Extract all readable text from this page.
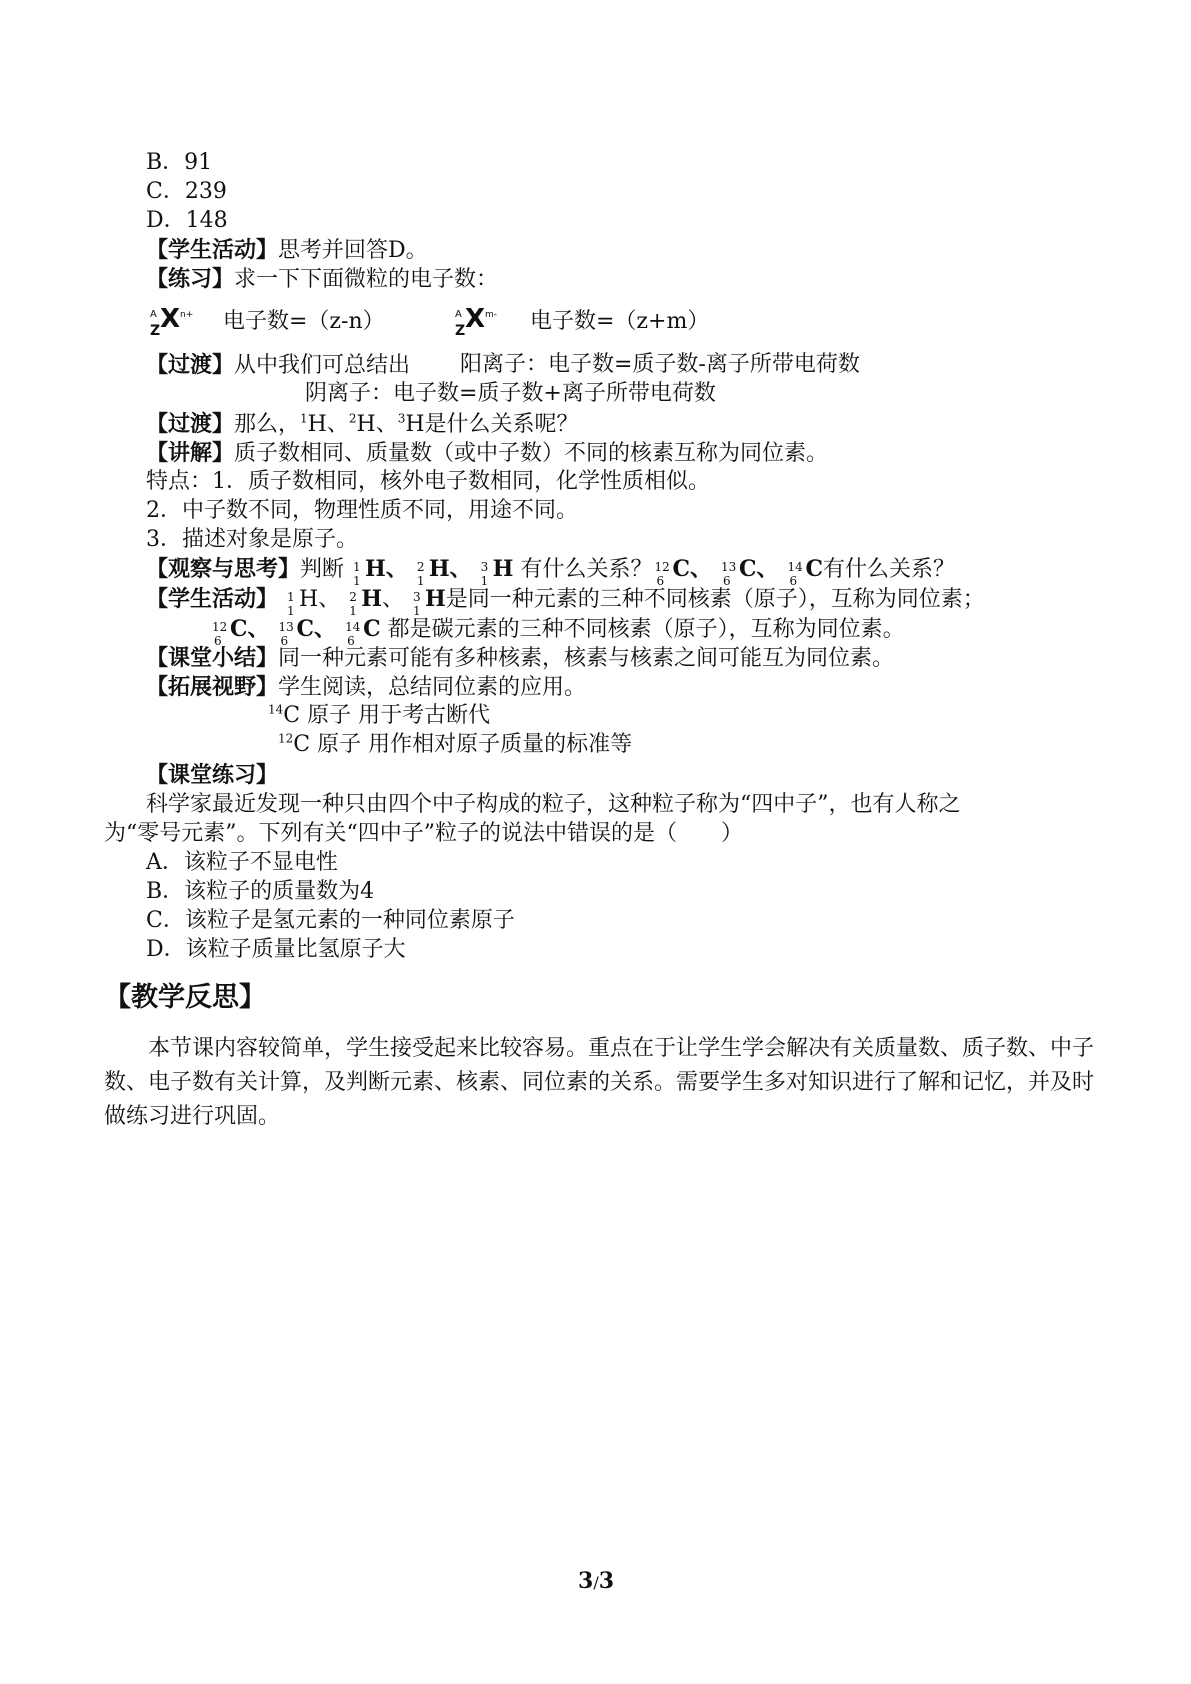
B．91
C．239
D．148
【学生活动】思考并回答D。
【练习】求一下下面微粒的电子数：
A
Z X n+ 电子数=（z-n）	A
Z X m- 电子数=（z+m）
【过渡】从中我们可总结出 阳离子：电子数=质子数-离子所带电荷数
阴离子：电子数=质子数+离子所带电荷数
【过渡】那么，$^1$H、$^2$H、$^3$H是什么关系呢？
【讲解】质子数相同、质量数（或中子数）不同的核素互称为同位素。
特点：1．质子数相同，核外电子数相同，化学性质相似。
2．中子数不同，物理性质不同，用途不同。
3．描述对象是原子。
【观察与思考】判断 1
1 H、 2
1 H、 3
1 H 有什么关系？ 12
6 C、 13
6 C、 14
6 C有什么关系？
【学生活动】 1
1 H、 2
1 H、 3
1 H是同一种元素的三种不同核素（原子），互称为同位素；
12
6 C、 13
6 C、 14
6 C 都是碳元素的三种不同核素（原子），互称为同位素。
【课堂小结】同一种元素可能有多种核素，核素与核素之间可能互为同位素。
【拓展视野】学生阅读，总结同位素的应用。
$^{14}$C 原子 用于考古断代
$^{12}$C 原子 用作相对原子质量的标准等
【课堂练习】
科学家最近发现一种只由四个中子构成的粒子，这种粒子称为“四中子”，也有人称之
为“零号元素”。下列有关“四中子”粒子的说法中错误的是（　　）
A．该粒子不显电性
B．该粒子的质量数为4
C．该粒子是氢元素的一种同位素原子
D．该粒子质量比氢原子大
【教学反思】
本节课内容较简单，学生接受起来比较容易。重点在于让学生学会解决有关质量数、质子数、中子数、电子数有关计算，及判断元素、核素、同位素的关系。需要学生多对知识进行了解和记忆，并及时做练习进行巩固。
3/3
